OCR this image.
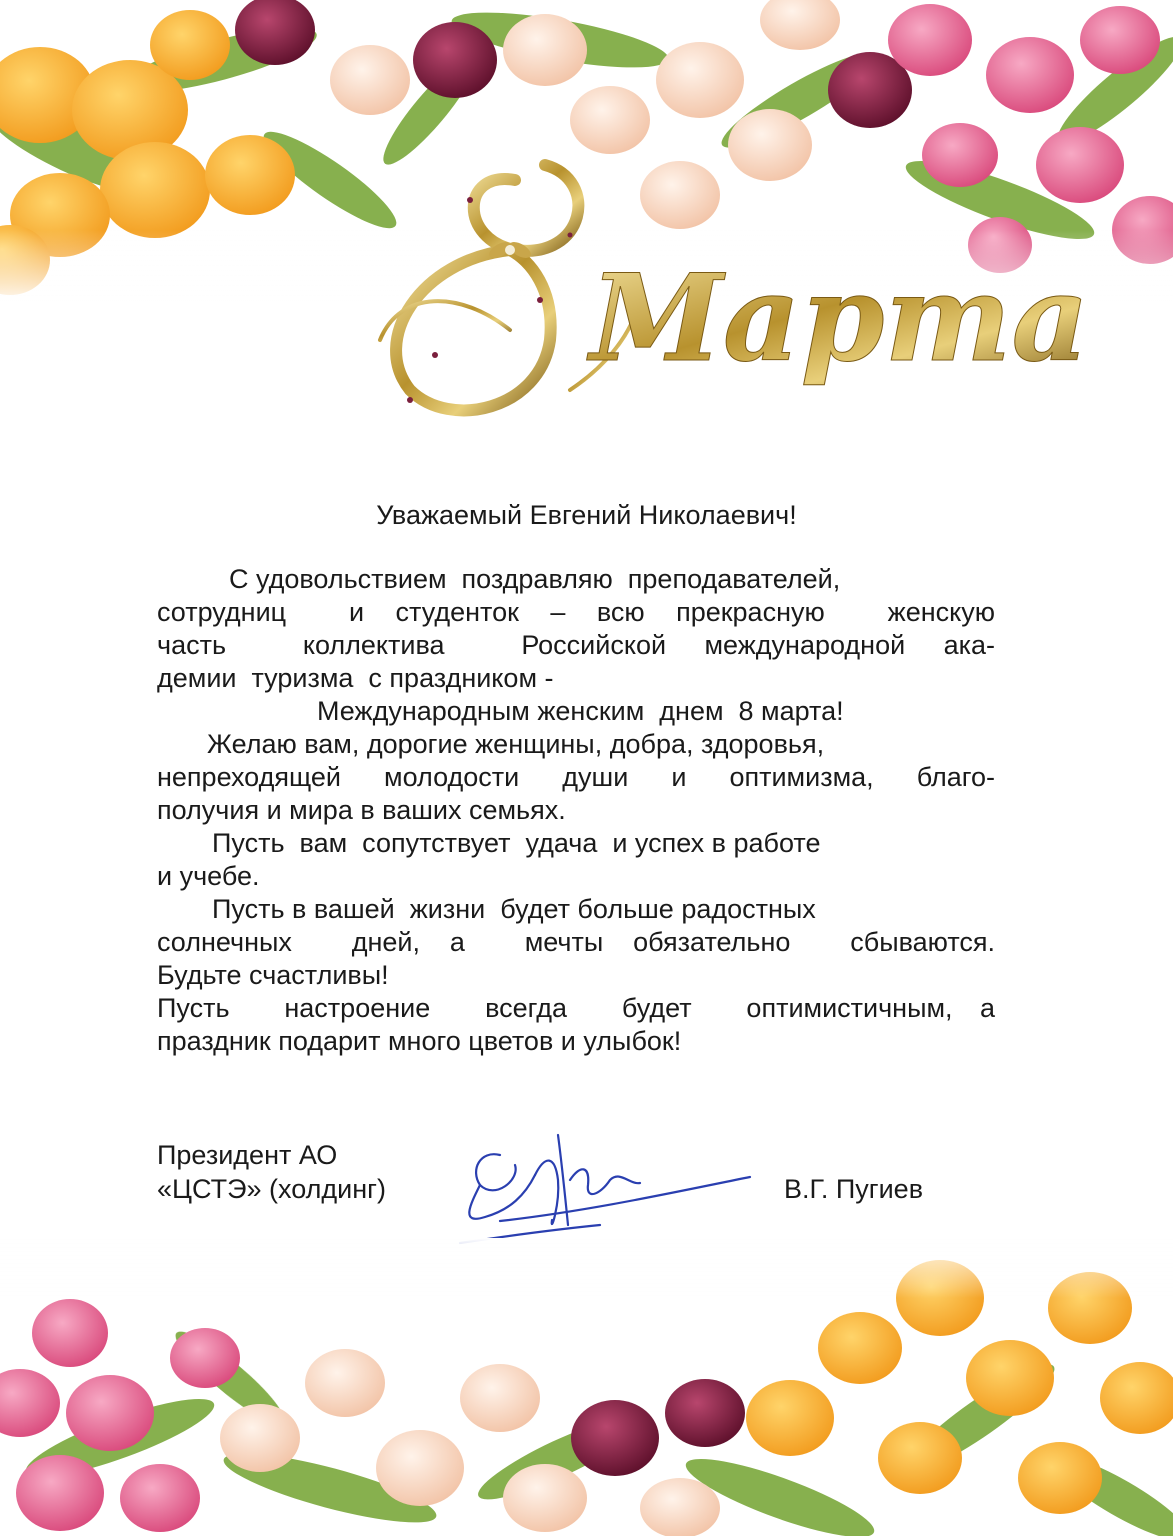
Марта
8
Уважаемый Евгений Николаевич!
С удовольствием  поздравляю  преподавателей,
сотрудниц  и студенток – всю прекрасную  женскую
часть  коллектива  Российской международной ака-
демии  туризма  с праздником -
Международным женским  днем  8 марта!
Желаю вам, дорогие женщины, добра, здоровья,
непреходящей молодости души и оптимизма, благо-
получия и мира в ваших семьях.
Пусть  вам  сопутствует  удача  и успех в работе
и учебе.
Пусть в вашей  жизни  будет больше радостных
солнечных  дней, а  мечты обязательно  сбываются.
Будьте счастливы!
Пусть  настроение  всегда  будет  оптимистичным, а
праздник подарит много цветов и улыбок!
Президент АО
«ЦСТЭ» (холдинг)	В.Г. Пугиев
